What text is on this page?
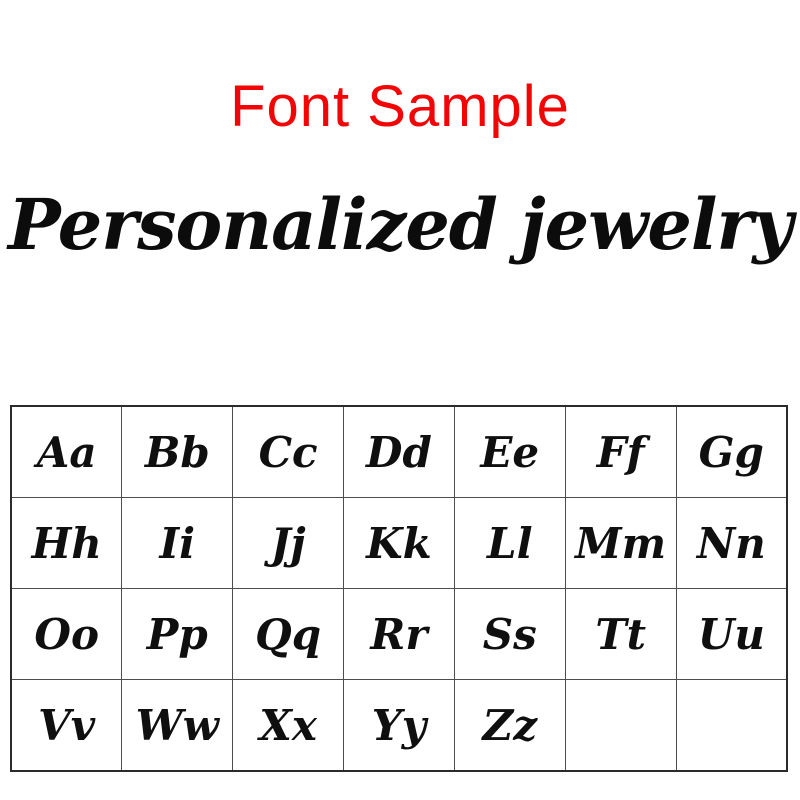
Font Sample
Personalized jewelry
Aa	Bb	Cc	Dd	Ee	Ff	Gg
Hh	Ii	Jj	Kk	Ll	Mm	Nn
Oo	Pp	Qq	Rr	Ss	Tt	Uu
Vv	Ww	Xx	Yy	Zz		
